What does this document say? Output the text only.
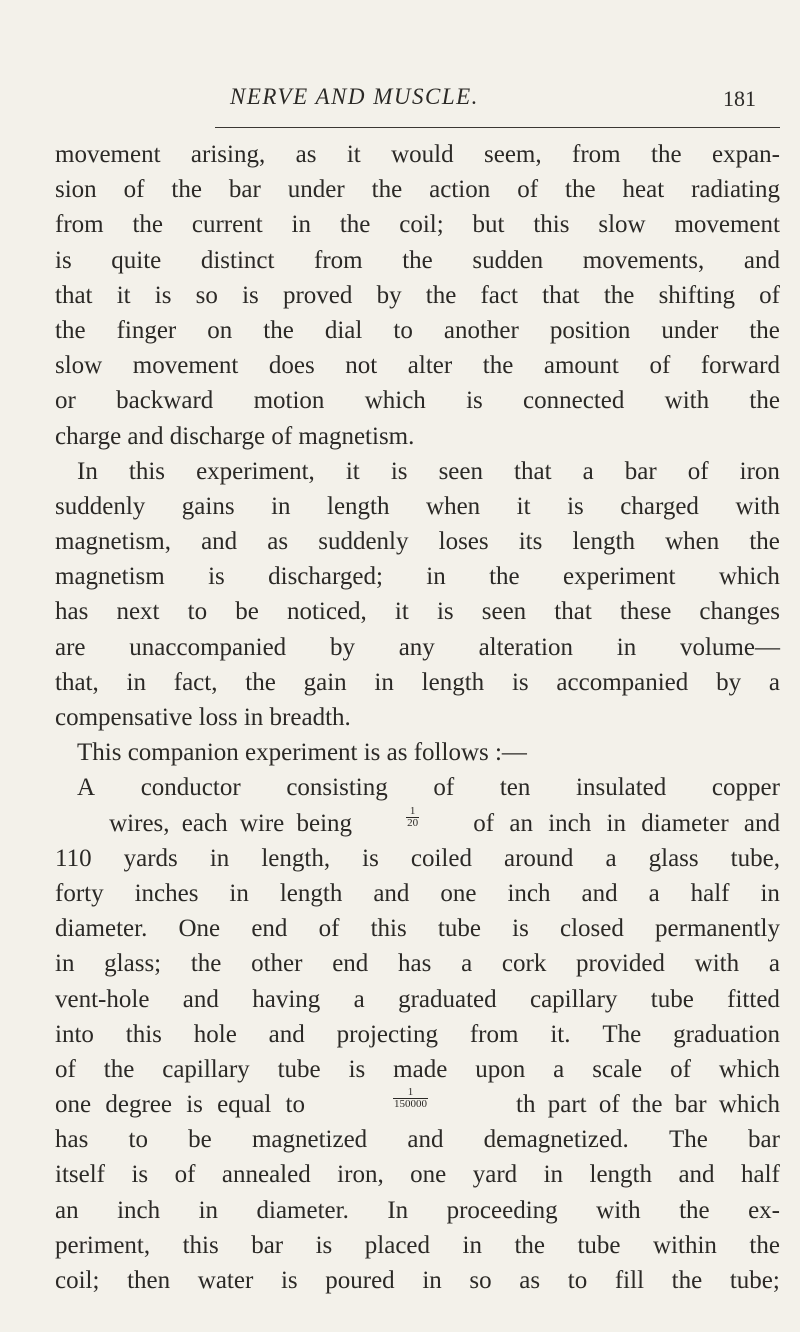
NERVE AND MUSCLE.	181
movement arising, as it would seem, from the expan-
sion of the bar under the action of the heat radiating
from the current in the coil; but this slow movement
is quite distinct from the sudden movements, and
that it is so is proved by the fact that the shifting of
the finger on the dial to another position under the
slow movement does not alter the amount of forward
or backward motion which is connected with the
charge and discharge of magnetism.
In this experiment, it is seen that a bar of iron
suddenly gains in length when it is charged with
magnetism, and as suddenly loses its length when the
magnetism is discharged; in the experiment which
has next to be noticed, it is seen that these changes
are unaccompanied by any alteration in volume—
that, in fact, the gain in length is accompanied by a
compensative loss in breadth.
This companion experiment is as follows :—
A conductor consisting of ten insulated copper
wires, each wire being	$\frac{1}{20}$ of an inch in diameter and
110 yards in length, is coiled around a glass tube,
forty inches in length and one inch and a half in
diameter. One end of this tube is closed permanently
in glass; the other end has a cork provided with a
vent-hole and having a graduated capillary tube fitted
into this hole and projecting from it. The graduation
of the capillary tube is made upon a scale of which
one degree is equal to	$\frac{1}{150000}$	th part of the bar which
has to be magnetized and demagnetized. The bar
itself is of annealed iron, one yard in length and half
an inch in diameter. In proceeding with the ex-
periment, this bar is placed in the tube within the
coil; then water is poured in so as to fill the tube;
